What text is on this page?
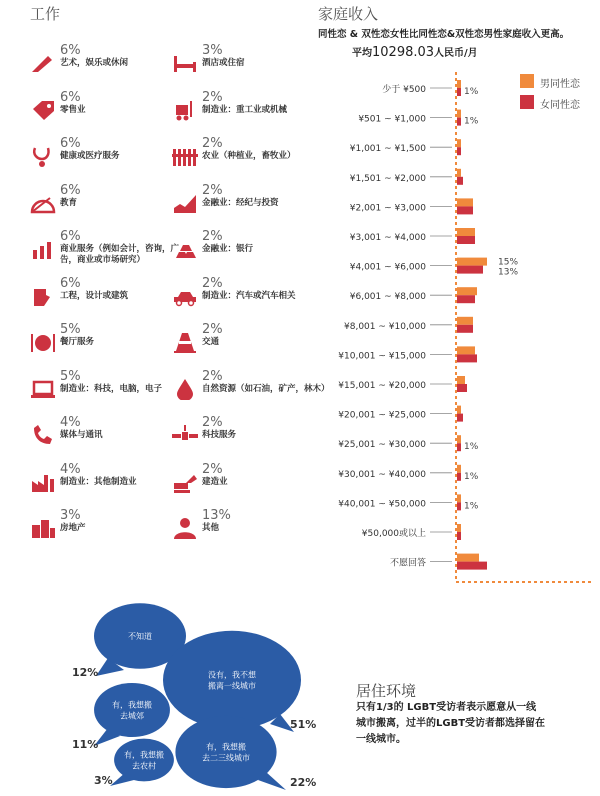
工作	家庭收入
6%
艺术，娱乐或休闲
6%
零售业
6%
健康或医疗服务
6%
教育
6%
商业服务（例如会计，咨询，广告，商业或市场研究）
6%
工程，设计或建筑
5%
餐厅服务
5%
制造业：科技，电脑，电子
4%
媒体与通讯
4%
制造业：其他制造业
3%
房地产
3%
酒店或住宿
2%
制造业：重工业或机械
2%
农业（种植业，畜牧业）
2%
金融业：经纪与投资
2%
金融业：银行
2%
制造业：汽车或汽车相关
2%
交通
2%
自然资源（如石油，矿产，林木）
2%
科技服务
2%
建造业
13%
其他
同性恋 & 双性恋女性比同性恋&双性恋男性家庭收入更高。
平均10298.03人民币/月
男同性恋
女同性恋
少于 ¥500
¥501 ~ ¥1,000
¥1,001 ~ ¥1,500
¥1,501 ~ ¥2,000
¥2,001 ~ ¥3,000
¥3,001 ~ ¥4,000
¥4,001 ~ ¥6,000
¥6,001 ~ ¥8,000
¥8,001 ~ ¥10,000
¥10,001 ~ ¥15,000
¥15,001 ~ ¥20,000
¥20,001 ~ ¥25,000
¥25,001 ~ ¥30,000
¥30,001 ~ ¥40,000
¥40,001 ~ ¥50,000
¥50,000或以上
不愿回答
1%
1%
15%
13%
1%
1%
1%
不知道
12%	没有，我不想
搬离一线城市
51%
有，我想搬
去城郊
11%
有，我想搬
去农村
3%
有，我想搬
去二三线城市
22%
居住环境
只有1/3的 LGBT受访者表示愿意从一线城市搬离，过半的LGBT受访者都选择留在一线城市。
